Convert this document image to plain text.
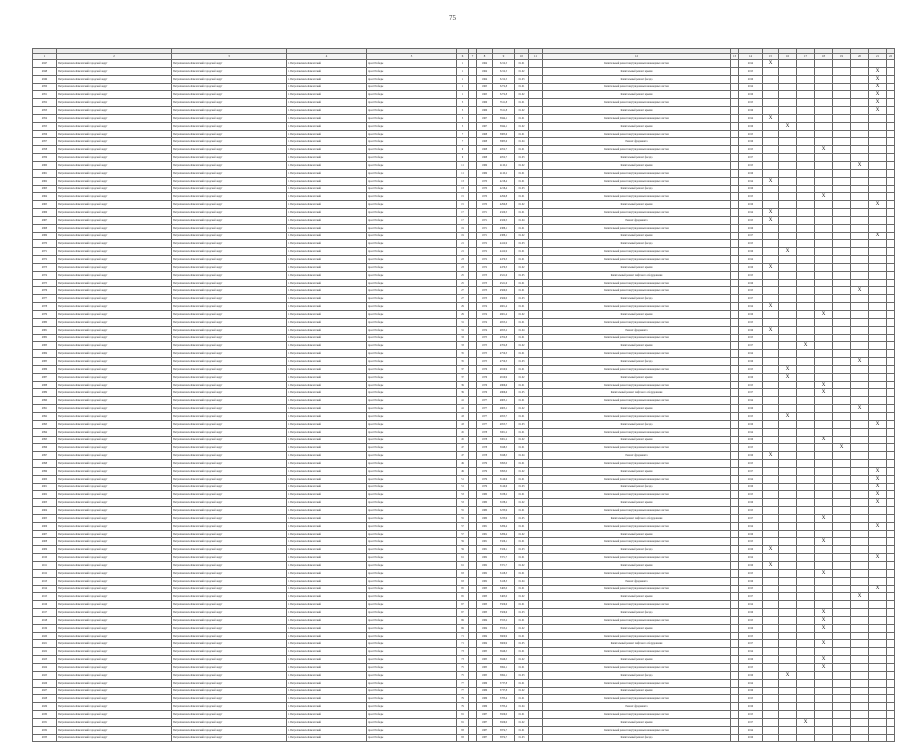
75

1	2	3	4	5	6	7	8	9	10	11	12	13	14	15	16	17	18	19	20	21	22
4847	Петропавловск-Камчатский городской округ	Петропавловск-Камчатский городской округ	г. Петропавловск-Камчатский	пр-кт Победы	1		1964	3212,5	01.01		Капитальный ремонт внутридомовых инженерных систем		2014	X							
4848	Петропавловск-Камчатский городской округ	Петропавловск-Камчатский городской округ	г. Петропавловск-Камчатский	пр-кт Победы	1		1964	3212,5	01.02		Капитальный ремонт крыши		2015							X	
4849	Петропавловск-Камчатский городской округ	Петропавловск-Камчатский городской округ	г. Петропавловск-Камчатский	пр-кт Победы	1		1964	3212,5	01.03		Капитальный ремонт фасада		2016							X	
4850	Петропавловск-Камчатский городской округ	Петропавловск-Камчатский городской округ	г. Петропавловск-Камчатский	пр-кт Победы	1		1965	3272,8	01.01		Капитальный ремонт внутридомовых инженерных систем		2014							X	
4851	Петропавловск-Камчатский городской округ	Петропавловск-Камчатский городской округ	г. Петропавловск-Камчатский	пр-кт Победы	1		1965	3272,8	01.02		Капитальный ремонт крыши		2016							X	
4852	Петропавловск-Камчатский городской округ	Петропавловск-Камчатский городской округ	г. Петропавловск-Камчатский	пр-кт Победы	3		1966	3511,8	01.01		Капитальный ремонт внутридомовых инженерных систем		2015							X	
4853	Петропавловск-Камчатский городской округ	Петропавловск-Камчатский городской округ	г. Петропавловск-Камчатский	пр-кт Победы	3		1966	3511,8	01.02		Капитальный ремонт крыши		2016							X	
4854	Петропавловск-Камчатский городской округ	Петропавловск-Камчатский городской округ	г. Петропавловск-Камчатский	пр-кт Победы	5		1967	3844,1	01.01		Капитальный ремонт внутридомовых инженерных систем		2014	X							
4855	Петропавловск-Камчатский городской округ	Петропавловск-Камчатский городской округ	г. Петропавловск-Камчатский	пр-кт Победы	5		1967	3844,1	01.02		Капитальный ремонт крыши		2016		X						
4856	Петропавловск-Камчатский городской округ	Петропавловск-Камчатский городской округ	г. Петропавловск-Камчатский	пр-кт Победы	7		1968	3985,6	01.01		Капитальный ремонт внутридомовых инженерных систем		2015								
4857	Петропавловск-Камчатский городской округ	Петропавловск-Камчатский городской округ	г. Петропавловск-Камчатский	пр-кт Победы	7		1968	3985,6	01.04		Ремонт фундамента		2016								
4858	Петропавловск-Камчатский городской округ	Петропавловск-Камчатский городской округ	г. Петропавловск-Камчатский	пр-кт Победы	9		1968	4052,7	01.01		Капитальный ремонт внутридомовых инженерных систем		2015				X				
4859	Петропавловск-Камчатский городской округ	Петропавловск-Камчатский городской округ	г. Петропавловск-Камчатский	пр-кт Победы	9		1968	4052,7	01.03		Капитальный ремонт фасада		2017								
4860	Петропавловск-Камчатский городской округ	Петропавловск-Камчатский городской округ	г. Петропавловск-Камчатский	пр-кт Победы	11		1969	4110,2	01.02		Капитальный ремонт крыши		2015						X		
4861	Петропавловск-Камчатский городской округ	Петропавловск-Камчатский городской округ	г. Петропавловск-Камчатский	пр-кт Победы	11		1969	4110,2	01.01		Капитальный ремонт внутридомовых инженерных систем		2016								
4862	Петропавловск-Камчатский городской округ	Петропавловск-Камчатский городской округ	г. Петропавловск-Камчатский	пр-кт Победы	13		1970	4218,4	01.01		Капитальный ремонт внутридомовых инженерных систем		2014	X							
4863	Петропавловск-Камчатский городской округ	Петропавловск-Камчатский городской округ	г. Петропавловск-Камчатский	пр-кт Победы	13		1970	4218,4	01.03		Капитальный ремонт фасада		2016								
4864	Петропавловск-Камчатский городской округ	Петропавловск-Камчатский городской округ	г. Петропавловск-Камчатский	пр-кт Победы	15		1970	4290,8	01.01		Капитальный ремонт внутридомовых инженерных систем		2015				X				
4865	Петропавловск-Камчатский городской округ	Петропавловск-Камчатский городской округ	г. Петропавловск-Камчатский	пр-кт Победы	15		1970	4290,8	01.02		Капитальный ремонт крыши		2016							X	
4866	Петропавловск-Камчатский городской округ	Петропавловск-Камчатский городской округ	г. Петропавловск-Камчатский	пр-кт Победы	17		1971	4320,5	01.01		Капитальный ремонт внутридомовых инженерных систем		2014	X							
4867	Петропавловск-Камчатский городской округ	Петропавловск-Камчатский городской округ	г. Петропавловск-Камчатский	пр-кт Победы	17		1971	4320,5	01.04		Ремонт фундамента		2015	X							
4868	Петропавловск-Камчатский городской округ	Петропавловск-Камчатский городской округ	г. Петропавловск-Камчатский	пр-кт Победы	19		1971	4388,1	01.01		Капитальный ремонт внутридомовых инженерных систем		2016								
4869	Петропавловск-Камчатский городской округ	Петропавловск-Камчатский городской округ	г. Петропавловск-Камчатский	пр-кт Победы	19		1971	4388,1	01.02		Капитальный ремонт крыши		2017							X	
4870	Петропавловск-Камчатский городской округ	Петропавловск-Камчатский городской округ	г. Петропавловск-Камчатский	пр-кт Победы	21		1972	4412,9	01.03		Капитальный ремонт фасада		2015								
4871	Петропавловск-Камчатский городской округ	Петропавловск-Камчатский городской округ	г. Петропавловск-Камчатский	пр-кт Победы	21		1972	4412,9	01.01		Капитальный ремонт внутридомовых инженерных систем		2016		X						
4872	Петропавловск-Камчатский городской округ	Петропавловск-Камчатский городской округ	г. Петропавловск-Камчатский	пр-кт Победы	23		1972	4470,3	01.01		Капитальный ремонт внутридомовых инженерных систем		2014								
4873	Петропавловск-Камчатский городской округ	Петропавловск-Камчатский городской округ	г. Петропавловск-Камчатский	пр-кт Победы	23		1972	4470,3	01.02		Капитальный ремонт крыши		2016	X							
4874	Петропавловск-Камчатский городской округ	Петропавловск-Камчатский городской округ	г. Петропавловск-Камчатский	пр-кт Победы	25		1973	4521,6	01.05		Капитальный ремонт лифтового оборудования		2015								
4875	Петропавловск-Камчатский городской округ	Петропавловск-Камчатский городской округ	г. Петропавловск-Камчатский	пр-кт Победы	25		1973	4521,6	01.01		Капитальный ремонт внутридомовых инженерных систем		2016								
4876	Петропавловск-Камчатский городской округ	Петропавловск-Камчатский городской округ	г. Петропавловск-Камчатский	пр-кт Победы	27		1973	4560,0	01.01		Капитальный ремонт внутридомовых инженерных систем		2015						X		
4877	Петропавловск-Камчатский городской округ	Петропавловск-Камчатский городской округ	г. Петропавловск-Камчатский	пр-кт Победы	27		1973	4560,0	01.03		Капитальный ремонт фасада		2017								
4878	Петропавловск-Камчатский городской округ	Петропавловск-Камчатский городской округ	г. Петропавловск-Камчатский	пр-кт Победы	29		1974	4601,4	01.01		Капитальный ремонт внутридомовых инженерных систем		2014	X							
4879	Петропавловск-Камчатский городской округ	Петропавловск-Камчатский городской округ	г. Петропавловск-Камчатский	пр-кт Победы	29		1974	4601,4	01.02		Капитальный ремонт крыши		2016				X				
4880	Петропавловск-Камчатский городской округ	Петропавловск-Камчатский городской округ	г. Петропавловск-Камчатский	пр-кт Победы	31		1974	4655,2	01.01		Капитальный ремонт внутридомовых инженерных систем		2015								
4881	Петропавловск-Камчатский городской округ	Петропавловск-Камчатский городской округ	г. Петропавловск-Камчатский	пр-кт Победы	31		1974	4655,2	01.04		Ремонт фундамента		2016	X							
4882	Петропавловск-Камчатский городской округ	Петропавловск-Камчатский городской округ	г. Петропавловск-Камчатский	пр-кт Победы	33		1975	4702,8	01.01		Капитальный ремонт внутридомовых инженерных систем		2015								
4883	Петропавловск-Камчатский городской округ	Петропавловск-Камчатский городской округ	г. Петропавловск-Камчатский	пр-кт Победы	33		1975	4702,8	01.02		Капитальный ремонт крыши		2017			X					
4884	Петропавловск-Камчатский городской округ	Петропавловск-Камчатский городской округ	г. Петропавловск-Камчатский	пр-кт Победы	35		1975	4750,3	01.01		Капитальный ремонт внутридомовых инженерных систем		2014								
4885	Петропавловск-Камчатский городской округ	Петропавловск-Камчатский городской округ	г. Петропавловск-Камчатский	пр-кт Победы	35		1975	4750,3	01.03		Капитальный ремонт фасада		2016						X		
4886	Петропавловск-Камчатский городской округ	Петропавловск-Камчатский городской округ	г. Петропавловск-Камчатский	пр-кт Победы	37		1976	4810,9	01.01		Капитальный ремонт внутридомовых инженерных систем		2015		X						
4887	Петропавловск-Камчатский городской округ	Петропавловск-Камчатский городской округ	г. Петропавловск-Камчатский	пр-кт Победы	37		1976	4810,9	01.02		Капитальный ремонт крыши		2016		X						
4888	Петропавловск-Камчатский городской округ	Петропавловск-Камчатский городской округ	г. Петропавловск-Камчатский	пр-кт Победы	39		1976	4866,6	01.01		Капитальный ремонт внутридомовых инженерных систем		2015				X				
4889	Петропавловск-Камчатский городской округ	Петропавловск-Камчатский городской округ	г. Петропавловск-Камчатский	пр-кт Победы	39		1976	4866,6	01.05		Капитальный ремонт лифтового оборудования		2017				X				
4890	Петропавловск-Камчатский городской округ	Петропавловск-Камчатский городской округ	г. Петропавловск-Камчатский	пр-кт Победы	41		1977	4903,1	01.01		Капитальный ремонт внутридомовых инженерных систем		2014								
4891	Петропавловск-Камчатский городской округ	Петропавловск-Камчатский городской округ	г. Петропавловск-Камчатский	пр-кт Победы	41		1977	4903,1	01.02		Капитальный ремонт крыши		2016						X		
4892	Петропавловск-Камчатский городской округ	Петропавловск-Камчатский городской округ	г. Петропавловск-Камчатский	пр-кт Победы	43		1977	4955,7	01.01		Капитальный ремонт внутридомовых инженерных систем		2015		X						
4893	Петропавловск-Камчатский городской округ	Петропавловск-Камчатский городской округ	г. Петропавловск-Камчатский	пр-кт Победы	43		1977	4955,7	01.03		Капитальный ремонт фасада		2016							X	
4894	Петропавловск-Камчатский городской округ	Петропавловск-Камчатский городской округ	г. Петропавловск-Камчатский	пр-кт Победы	45		1978	5001,2	01.01		Капитальный ремонт внутридомовых инженерных систем		2014								
4895	Петропавловск-Камчатский городской округ	Петропавловск-Камчатский городской округ	г. Петропавловск-Камчатский	пр-кт Победы	45		1978	5001,2	01.02		Капитальный ремонт крыши		2016				X				
4896	Петропавловск-Камчатский городской округ	Петропавловск-Камчатский городской округ	г. Петропавловск-Камчатский	пр-кт Победы	47		1978	5048,5	01.01		Капитальный ремонт внутридомовых инженерных систем		2015					X			
4897	Петропавловск-Камчатский городской округ	Петропавловск-Камчатский городской округ	г. Петропавловск-Камчатский	пр-кт Победы	47		1978	5048,5	01.04		Ремонт фундамента		2016	X							
4898	Петропавловск-Камчатский городской округ	Петропавловск-Камчатский городской округ	г. Петропавловск-Камчатский	пр-кт Победы	49		1979	5093,0	01.01		Капитальный ремонт внутридомовых инженерных систем		2015								
4899	Петропавловск-Камчатский городской округ	Петропавловск-Камчатский городской округ	г. Петропавловск-Камчатский	пр-кт Победы	49		1979	5093,0	01.02		Капитальный ремонт крыши		2017							X	
4900	Петропавловск-Камчатский городской округ	Петропавловск-Камчатский городской округ	г. Петропавловск-Камчатский	пр-кт Победы	51		1979	5140,6	01.01		Капитальный ремонт внутридомовых инженерных систем		2014							X	
4901	Петропавловск-Камчатский городской округ	Петропавловск-Камчатский городской округ	г. Петропавловск-Камчатский	пр-кт Победы	51		1979	5140,6	01.03		Капитальный ремонт фасада		2016							X	
4902	Петропавловск-Камчатский городской округ	Петропавловск-Камчатский городской округ	г. Петропавловск-Камчатский	пр-кт Победы	53		1980	5188,2	01.01		Капитальный ремонт внутридомовых инженерных систем		2015							X	
4903	Петропавловск-Камчатский городской округ	Петропавловск-Камчатский городской округ	г. Петропавловск-Камчатский	пр-кт Победы	53		1980	5188,2	01.02		Капитальный ремонт крыши		2016							X	
4904	Петропавловск-Камчатский городской округ	Петропавловск-Камчатский городской округ	г. Петропавловск-Камчатский	пр-кт Победы	55		1980	5233,9	01.01		Капитальный ремонт внутридомовых инженерных систем		2015								
4905	Петропавловск-Камчатский городской округ	Петропавловск-Камчатский городской округ	г. Петропавловск-Камчатский	пр-кт Победы	55		1980	5233,9	01.05		Капитальный ремонт лифтового оборудования		2017				X				
4906	Петропавловск-Камчатский городской округ	Петропавловск-Камчатский городской округ	г. Петропавловск-Камчатский	пр-кт Победы	57		1981	5280,4	01.01		Капитальный ремонт внутридомовых инженерных систем		2014							X	
4907	Петропавловск-Камчатский городской округ	Петропавловск-Камчатский городской округ	г. Петропавловск-Камчатский	пр-кт Победы	57		1981	5280,4	01.02		Капитальный ремонт крыши		2016								
4908	Петропавловск-Камчатский городской округ	Петропавловск-Камчатский городской округ	г. Петропавловск-Камчатский	пр-кт Победы	59		1981	5326,1	01.01		Капитальный ремонт внутридомовых инженерных систем		2015				X				
4909	Петропавловск-Камчатский городской округ	Петропавловск-Камчатский городской округ	г. Петропавловск-Камчатский	пр-кт Победы	59		1981	5326,1	01.03		Капитальный ремонт фасада		2016	X							
4910	Петропавловск-Камчатский городской округ	Петропавловск-Камчатский городской округ	г. Петропавловск-Камчатский	пр-кт Победы	61		1982	5371,7	01.01		Капитальный ремонт внутридомовых инженерных систем		2014							X	
4911	Петропавловск-Камчатский городской округ	Петропавловск-Камчатский городской округ	г. Петропавловск-Камчатский	пр-кт Победы	61		1982	5371,7	01.02		Капитальный ремонт крыши		2016	X							
4912	Петропавловск-Камчатский городской округ	Петропавловск-Камчатский городской округ	г. Петропавловск-Камчатский	пр-кт Победы	63		1982	5418,3	01.01		Капитальный ремонт внутридомовых инженерных систем		2015				X				
4913	Петропавловск-Камчатский городской округ	Петропавловск-Камчатский городской округ	г. Петропавловск-Камчатский	пр-кт Победы	63		1982	5418,3	01.04		Ремонт фундамента		2016								
4914	Петропавловск-Камчатский городской округ	Петропавловск-Камчатский городской округ	г. Петропавловск-Камчатский	пр-кт Победы	65		1983	5463,0	01.01		Капитальный ремонт внутридомовых инженерных систем		2015							X	
4915	Петропавловск-Камчатский городской округ	Петропавловск-Камчатский городской округ	г. Петропавловск-Камчатский	пр-кт Победы	65		1983	5463,0	01.02		Капитальный ремонт крыши		2017						X		
4916	Петропавловск-Камчатский городской округ	Петропавловск-Камчатский городской округ	г. Петропавловск-Камчатский	пр-кт Победы	67		1983	5509,6	01.01		Капитальный ремонт внутридомовых инженерных систем		2014								
4917	Петропавловск-Камчатский городской округ	Петропавловск-Камчатский городской округ	г. Петропавловск-Камчатский	пр-кт Победы	67		1983	5509,6	01.03		Капитальный ремонт фасада		2016				X				
4918	Петропавловск-Камчатский городской округ	Петропавловск-Камчатский городской округ	г. Петропавловск-Камчатский	пр-кт Победы	69		1984	5555,2	01.01		Капитальный ремонт внутридомовых инженерных систем		2015				X				
4919	Петропавловск-Камчатский городской округ	Петропавловск-Камчатский городской округ	г. Петропавловск-Камчатский	пр-кт Победы	69		1984	5555,2	01.02		Капитальный ремонт крыши		2016				X				
4920	Петропавловск-Камчатский городской округ	Петропавловск-Камчатский городской округ	г. Петропавловск-Камчатский	пр-кт Победы	71		1984	5600,9	01.01		Капитальный ремонт внутридомовых инженерных систем		2015								
4921	Петропавловск-Камчатский городской округ	Петропавловск-Камчатский городской округ	г. Петропавловск-Камчатский	пр-кт Победы	71		1984	5600,9	01.05		Капитальный ремонт лифтового оборудования		2017				X				
4922	Петропавловск-Камчатский городской округ	Петропавловск-Камчатский городской округ	г. Петропавловск-Камчатский	пр-кт Победы	73		1985	5646,5	01.01		Капитальный ремонт внутридомовых инженерных систем		2014								
4923	Петропавловск-Камчатский городской округ	Петропавловск-Камчатский городской округ	г. Петропавловск-Камчатский	пр-кт Победы	73		1985	5646,5	01.02		Капитальный ремонт крыши		2016				X				
4924	Петропавловск-Камчатский городской округ	Петропавловск-Камчатский городской округ	г. Петропавловск-Камчатский	пр-кт Победы	75		1985	5692,1	01.01		Капитальный ремонт внутридомовых инженерных систем		2015				X				
4925	Петропавловск-Камчатский городской округ	Петропавловск-Камчатский городской округ	г. Петропавловск-Камчатский	пр-кт Победы	75		1985	5692,1	01.03		Капитальный ремонт фасада		2016		X						
4926	Петропавловск-Камчатский городской округ	Петропавловск-Камчатский городской округ	г. Петропавловск-Камчатский	пр-кт Победы	77		1986	5737,8	01.01		Капитальный ремонт внутридомовых инженерных систем		2014								
4927	Петропавловск-Камчатский городской округ	Петропавловск-Камчатский городской округ	г. Петропавловск-Камчатский	пр-кт Победы	77		1986	5737,8	01.02		Капитальный ремонт крыши		2016								
4928	Петропавловск-Камчатский городской округ	Петропавловск-Камчатский городской округ	г. Петропавловск-Камчатский	пр-кт Победы	79		1986	5783,4	01.01		Капитальный ремонт внутридомовых инженерных систем		2015								
4929	Петропавловск-Камчатский городской округ	Петропавловск-Камчатский городской округ	г. Петропавловск-Камчатский	пр-кт Победы	79		1986	5783,4	01.04		Ремонт фундамента		2016								
4930	Петропавловск-Камчатский городской округ	Петропавловск-Камчатский городской округ	г. Петропавловск-Камчатский	пр-кт Победы	81		1987	5829,0	01.01		Капитальный ремонт внутридомовых инженерных систем		2015								
4931	Петропавловск-Камчатский городской округ	Петропавловск-Камчатский городской округ	г. Петропавловск-Камчатский	пр-кт Победы	81		1987	5829,0	01.02		Капитальный ремонт крыши		2017			X					
4932	Петропавловск-Камчатский городской округ	Петропавловск-Камчатский городской округ	г. Петропавловск-Камчатский	пр-кт Победы	83		1987	5874,7	01.01		Капитальный ремонт внутридомовых инженерных систем		2014								
4933	Петропавловск-Камчатский городской округ	Петропавловск-Камчатский городской округ	г. Петропавловск-Камчатский	пр-кт Победы	83		1987	5874,7	01.03		Капитальный ремонт фасада		2016								
